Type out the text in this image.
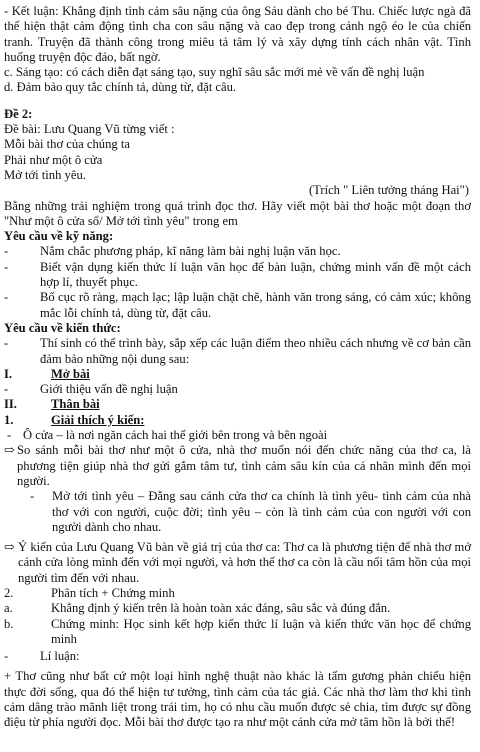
- Kết luận: Khẳng định tình cảm sâu nặng của ông Sáu dành cho bé Thu. Chiếc lược ngà đã thể hiện thật cảm động tình cha con sâu nặng và cao đẹp trong cảnh ngộ éo le của chiến tranh. Truyện đã thành công trong miêu tả tâm lý và xây dựng tính cách nhân vật. Tình huống truyện độc đáo, bất ngờ.

c. Sáng tạo: có cách diễn đạt sáng tạo, suy nghĩ sâu sắc mới mẻ về vấn đề nghị luận

d. Đảm bảo quy tắc chính tả, dùng từ, đặt câu.

Đề 2:

Đề bài: Lưu Quang Vũ từng viết :

Mỗi bài thơ của chúng ta

Phải như một ô cửa

Mở tới tình yêu.

(Trích " Liên tưởng tháng Hai")

Bằng những trải nghiệm trong quá trình đọc thơ. Hãy viết một bài thơ hoặc một đoạn thơ "Như một ô cửa sổ/ Mở tới tình yêu" trong em

Yêu cầu về kỹ năng:

-	Nắm chắc phương pháp, kĩ năng làm bài nghị luận văn học.
-	Biết vận dụng kiến thức lí luận văn học để bàn luận, chứng minh vấn đề một cách hợp lí, thuyết phục.
-	Bố cục rõ ràng, mạch lạc; lập luận chặt chẽ, hành văn trong sáng, có cảm xúc; không mắc lỗi chính tả, dùng từ, đặt câu.

Yêu cầu về kiến thức:

-	Thí sinh có thể trình bày, sắp xếp các luận điểm theo nhiều cách nhưng về cơ bản cần đảm bảo những nội dung sau:
I.	Mở bài
-	Giới thiệu vấn đề nghị luận
II.	Thân bài
1.	Giải thích ý kiến:
- Ô cửa – là nơi ngăn cách hai thế giới bên trong và bên ngoài
⇨ So sánh mỗi bài thơ như một ô cửa, nhà thơ muốn nói đến chức năng của thơ ca, là phương tiện giúp nhà thơ gửi gắm tâm tư, tình cảm sâu kín của cá nhân mình đến mọi người.
-	Mở tới tình yêu – Đằng sau cánh cửa thơ ca chính là tình yêu- tình cảm của nhà thơ với con người, cuộc đời; tình yêu – còn là tình cảm của con người với con người dành cho nhau.
⇨ Ý kiến của Lưu Quang Vũ bàn về giá trị của thơ ca: Thơ ca là phương tiện để nhà thơ mở cánh cửa lòng mình đến với mọi người, và hơn thế thơ ca còn là cầu nối tâm hồn của mọi người tìm đến với nhau.
2.	Phân tích + Chứng minh
a.	Khẳng định ý kiến trên là hoàn toàn xác đáng, sâu sắc và đúng đắn.
b.	Chứng minh: Học sinh kết hợp kiến thức lí luận và kiến thức văn học để chứng minh
-	Lí luận:

+ Thơ cũng như bất cứ một loại hình nghệ thuật nào khác là tấm gương phản chiếu hiện thực đời sống, qua đó thể hiện tư tưởng, tình cảm của tác giả. Các nhà thơ làm thơ khi tình cảm dâng trào mãnh liệt trong trái tim, họ có nhu cầu muốn được sẻ chia, tìm được sự đồng điệu từ phía người đọc. Mỗi bài thơ được tạo ra như một cánh cửa mở tâm hồn là bởi thế!
